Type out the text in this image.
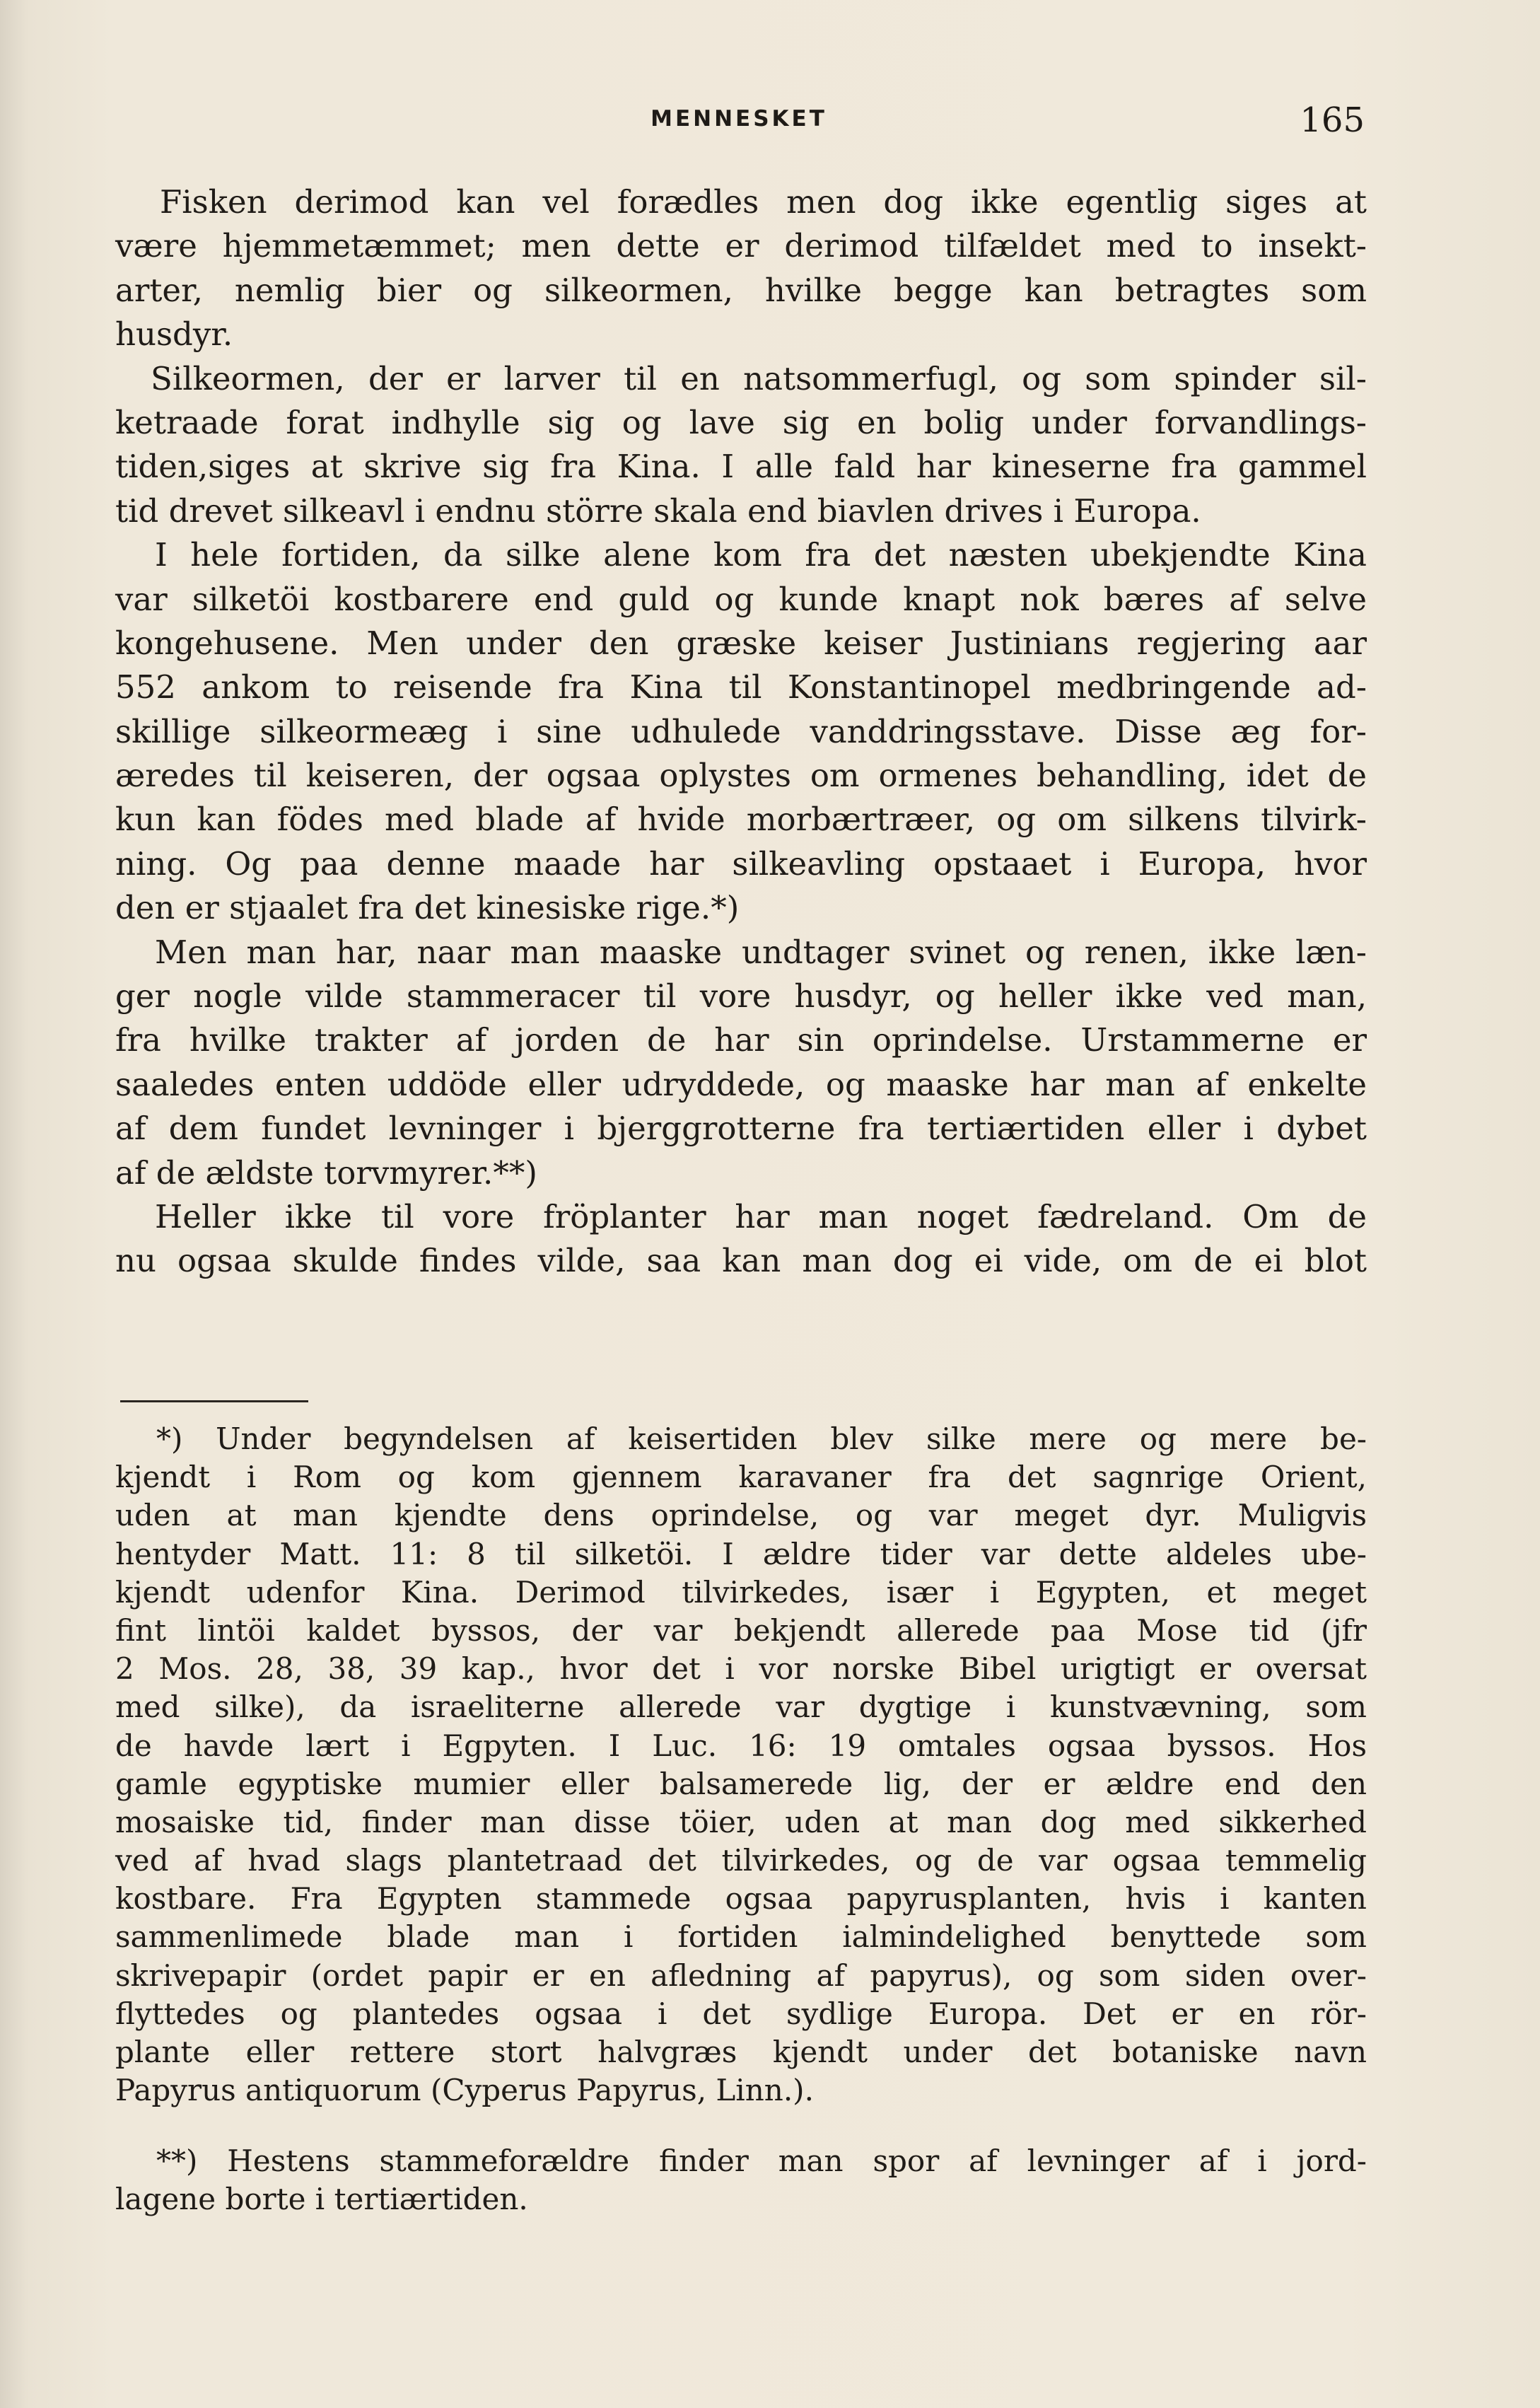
MENNESKET	165
Fisken derimod kan vel forædles men dog ikke egentlig siges at
være hjemmetæmmet; men dette er derimod tilfældet med to insekt-
arter, nemlig bier og silkeormen, hvilke begge kan betragtes som
husdyr.
Silkeormen, der er larver til en natsommerfugl, og som spinder sil-
ketraade forat indhylle sig og lave sig en bolig under forvandlings-
tiden,siges at skrive sig fra Kina. I alle fald har kineserne fra gammel
tid drevet silkeavl i endnu större skala end biavlen drives i Europa.
I hele fortiden, da silke alene kom fra det næsten ubekjendte Kina
var silketöi kostbarere end guld og kunde knapt nok bæres af selve
kongehusene. Men under den græske keiser Justinians regjering aar
552 ankom to reisende fra Kina til Konstantinopel medbringende ad-
skillige silkeormeæg i sine udhulede vanddringsstave. Disse æg for-
æredes til keiseren, der ogsaa oplystes om ormenes behandling, idet de
kun kan födes med blade af hvide morbærtræer, og om silkens tilvirk-
ning. Og paa denne maade har silkeavling opstaaet i Europa, hvor
den er stjaalet fra det kinesiske rige.*)
Men man har, naar man maaske undtager svinet og renen, ikke læn-
ger nogle vilde stammeracer til vore husdyr, og heller ikke ved man,
fra hvilke trakter af jorden de har sin oprindelse. Urstammerne er
saaledes enten uddöde eller udryddede, og maaske har man af enkelte
af dem fundet levninger i bjerggrotterne fra tertiærtiden eller i dybet
af de ældste torvmyrer.**)
Heller ikke til vore fröplanter har man noget fædreland. Om de
nu ogsaa skulde findes vilde, saa kan man dog ei vide, om de ei blot
*) Under begyndelsen af keisertiden blev silke mere og mere be-
kjendt i Rom og kom gjennem karavaner fra det sagnrige Orient,
uden at man kjendte dens oprindelse, og var meget dyr. Muligvis
hentyder Matt. 11: 8 til silketöi. I ældre tider var dette aldeles ube-
kjendt udenfor Kina. Derimod tilvirkedes, især i Egypten, et meget
fint lintöi kaldet byssos, der var bekjendt allerede paa Mose tid (jfr
2 Mos. 28, 38, 39 kap., hvor det i vor norske Bibel urigtigt er oversat
med silke), da israeliterne allerede var dygtige i kunstvævning, som
de havde lært i Egpyten. I Luc. 16: 19 omtales ogsaa byssos. Hos
gamle egyptiske mumier eller balsamerede lig, der er ældre end den
mosaiske tid, finder man disse töier, uden at man dog med sikkerhed
ved af hvad slags plantetraad det tilvirkedes, og de var ogsaa temmelig
kostbare. Fra Egypten stammede ogsaa papyrusplanten, hvis i kanten
sammenlimede blade man i fortiden ialmindelighed benyttede som
skrivepapir (ordet papir er en afledning af papyrus), og som siden over-
flyttedes og plantedes ogsaa i det sydlige Europa. Det er en rör-
plante eller rettere stort halvgræs kjendt under det botaniske navn
Papyrus antiquorum (Cyperus Papyrus, Linn.).
**) Hestens stammeforældre finder man spor af levninger af i jord-
lagene borte i tertiærtiden.
